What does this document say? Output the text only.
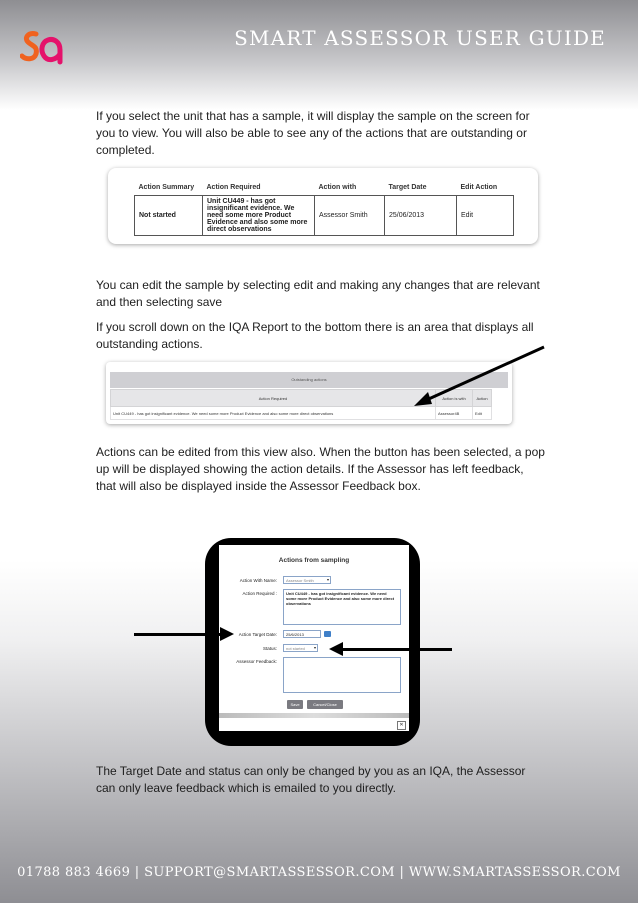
SMART ASSESSOR USER GUIDE
If you select the unit that has a sample, it will display the sample on the screen for you to view. You will also be able to see any of the actions that are outstanding or completed.
Action Summary	Action Required	Action with	Target Date	Edit Action
Not started	Unit CU449 - has got insignificant evidence. We need some more Product Evidence and also some more direct observations	Assessor Smith	25/06/2013	Edit
You can edit the sample by selecting edit and making any changes that are relevant and then selecting save
If you scroll down on the IQA Report to the bottom there is an area that displays all outstanding actions.
Outstanding actions
Action Required	Action is with	Action
Unit CU449 - has got insignificant evidence. We need some more Product Evidence and also some more direct observations	Assessor4B	Edit
Actions can be edited from this view also. When the button has been selected, a pop up will be displayed showing the action details. If the Assessor has left feedback, that will also be displayed inside the Assessor Feedback box.
Actions from sampling
Action With Name:	Assessor Smith	▾
Action Required :	Unit CU449 - has got insignificant evidence. We need some more Product Evidence and also some more direct observations
Action Target Date:	25/6/2013
Status:	not started ▾
Assessor Feedback:
Save	Cancel/Close
✕
The Target Date and status can only be changed by you as an IQA, the Assessor can only leave feedback which is emailed to you directly.
01788 883 4669 | SUPPORT@SMARTASSESSOR.COM | WWW.SMARTASSESSOR.COM
